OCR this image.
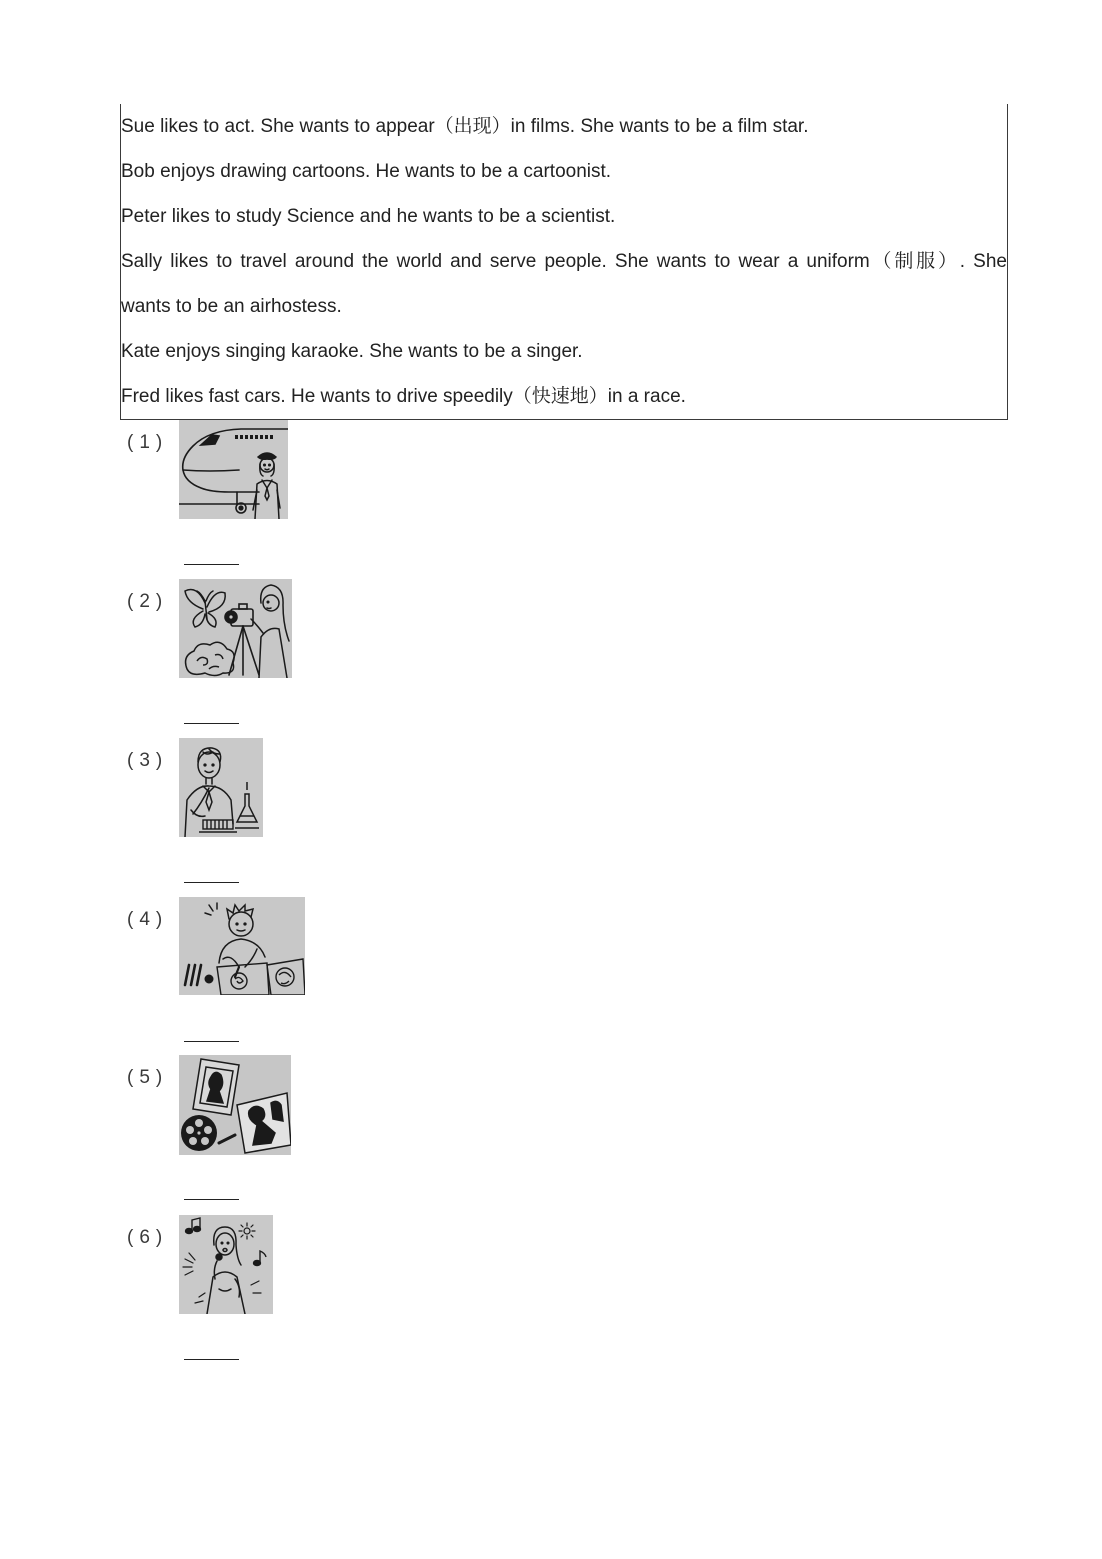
Sue likes to act. She wants to appear（出现）in films. She wants to be a film star.
Bob enjoys drawing cartoons. He wants to be a cartoonist.
Peter likes to study Science and he wants to be a scientist.
Sally likes to travel around the world and serve people. She wants to wear a uniform（制服）. She
wants to be an airhostess.
Kate enjoys singing karaoke. She wants to be a singer.
Fred likes fast cars. He wants to drive speedily（快速地）in a race.
(1)
(2)
(3)
(4)
(5)
(6)
